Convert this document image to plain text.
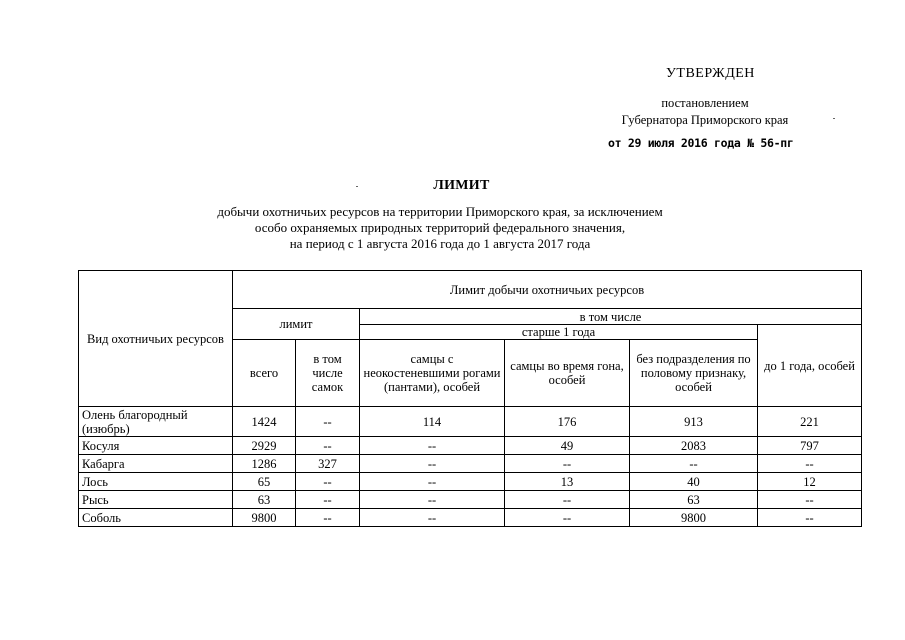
УТВЕРЖДЕН
постановлением
Губернатора Приморского края
от 29 июля 2016 года № 56-пг
ЛИМИТ
добычи охотничьих ресурсов на территории Приморского края, за исключением
особо охраняемых природных территорий федерального значения,
на период с 1 августа 2016 года до 1 августа 2017 года
Вид охотничьих ресурсов	Лимит добычи охотничьих ресурсов					
	лимит		в том числе			
			старше 1 года			до 1 года, особей
	всего	в том числе самок	самцы с неокостеневшими рогами (пантами), особей	самцы во время гона, особей	без подразделения по половому признаку, особей	
Олень благородный (изюбрь)	1424	--	114	176	913	221
Косуля	2929	--	--	49	2083	797
Кабарга	1286	327	--	--	--	--
Лось	65	--	--	13	40	12
Рысь	63	--	--	--	63	--
Соболь	9800	--	--	--	9800	--
